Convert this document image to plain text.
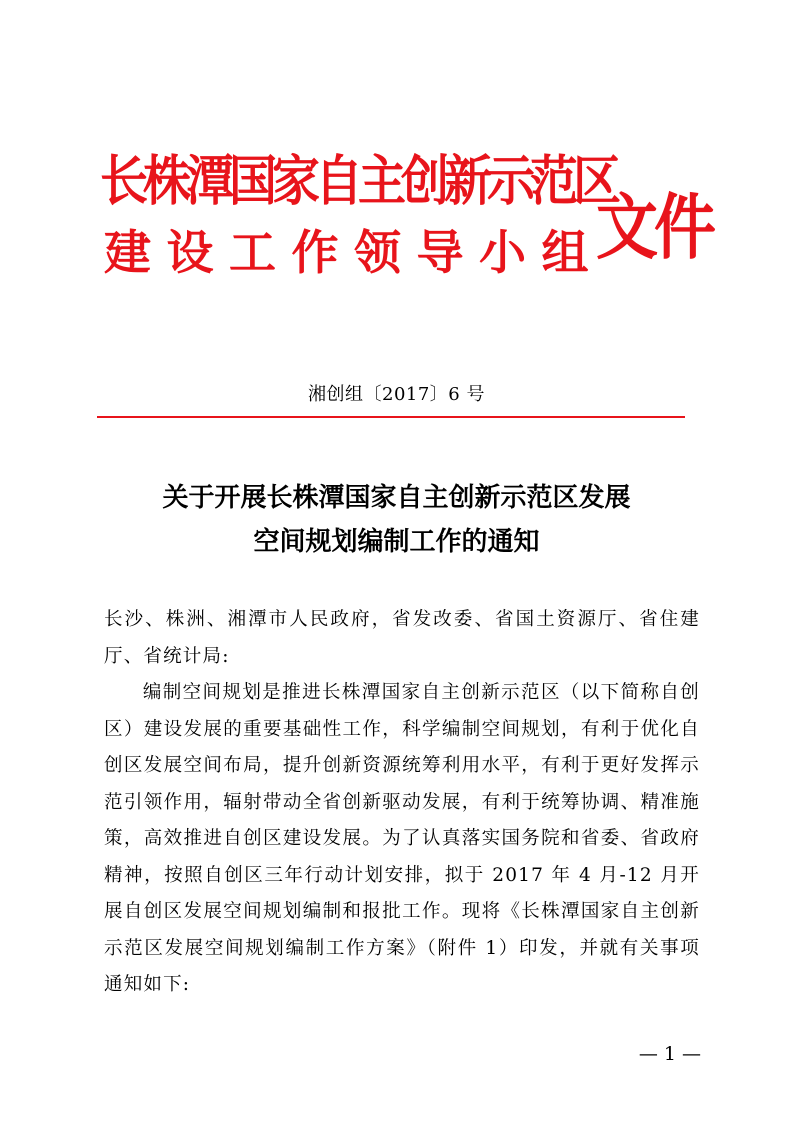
长株潭国家自主创新示范区
建设工作领导小组
文件
湘创组〔2017〕6 号
关于开展长株潭国家自主创新示范区发展
空间规划编制工作的通知

长沙、株洲、湘潭市人民政府，省发改委、省国土资源厅、省住建厅、省统计局:

编制空间规划是推进长株潭国家自主创新示范区（以下简称自创区）建设发展的重要基础性工作，科学编制空间规划，有利于优化自创区发展空间布局，提升创新资源统筹利用水平，有利于更好发挥示范引领作用，辐射带动全省创新驱动发展，有利于统筹协调、精准施策，高效推进自创区建设发展。为了认真落实国务院和省委、省政府精神，按照自创区三年行动计划安排，拟于 2017 年 4 月-12 月开展自创区发展空间规划编制和报批工作。现将《长株潭国家自主创新示范区发展空间规划编制工作方案》（附件 1）印发，并就有关事项通知如下:

— 1 —
